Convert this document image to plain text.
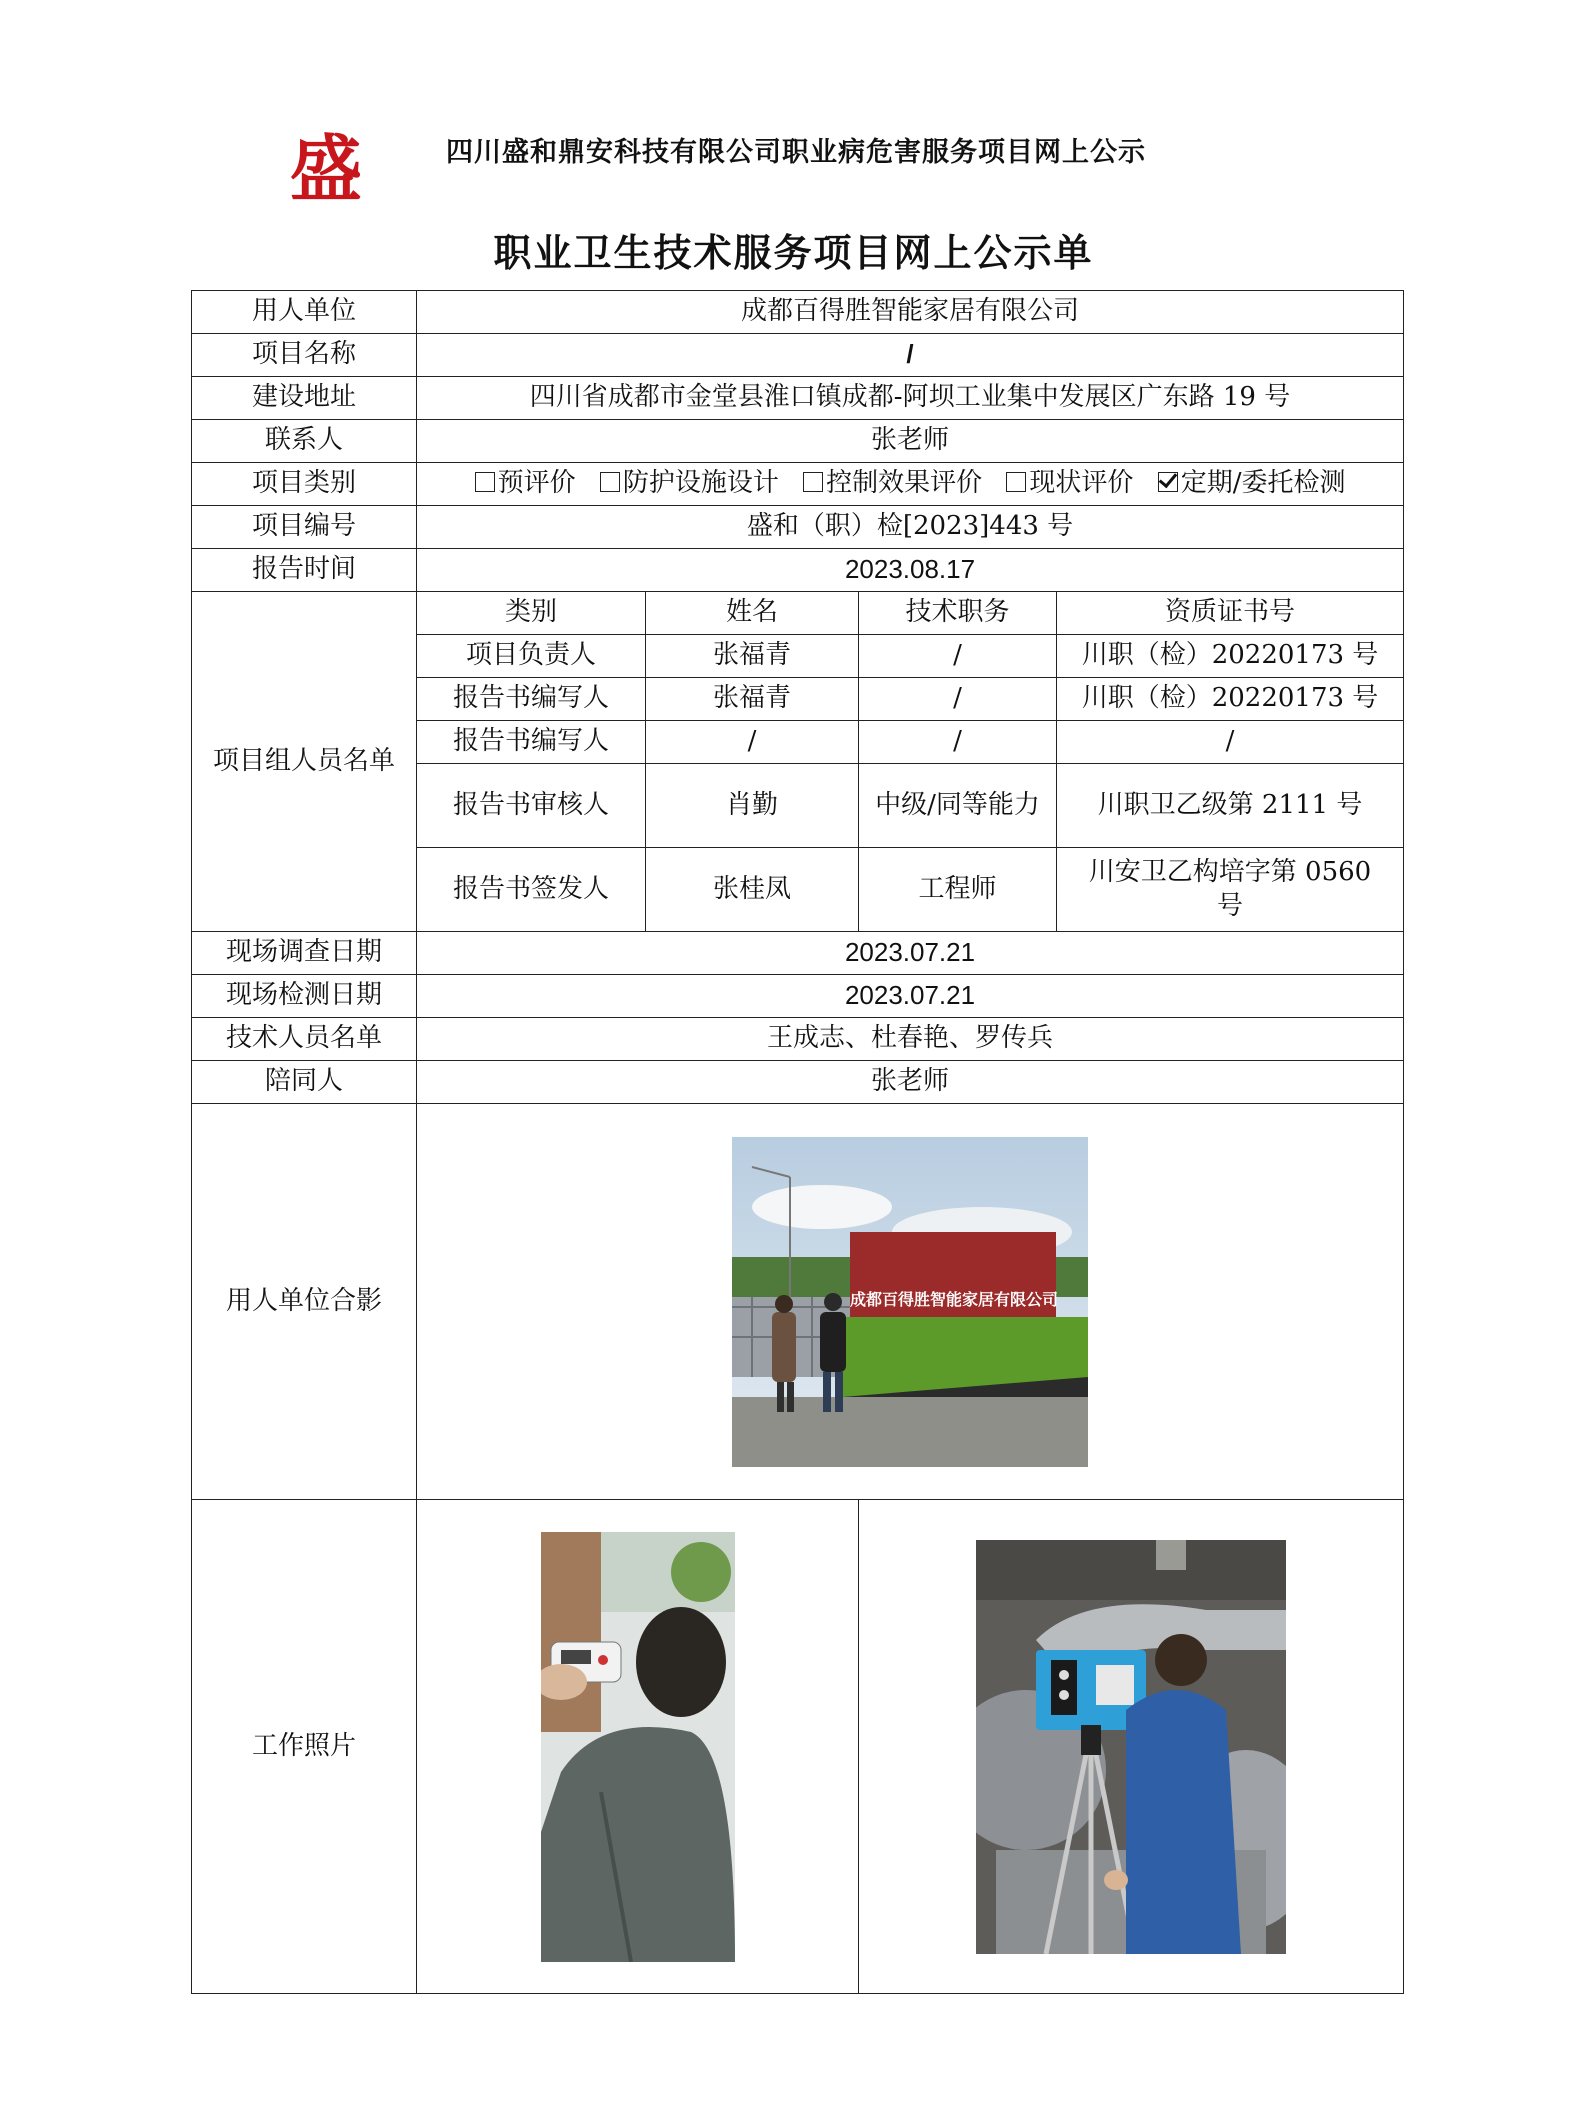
盛	四川盛和鼎安科技有限公司职业病危害服务项目网上公示
职业卫生技术服务项目网上公示单
用人单位	成都百得胜智能家居有限公司			
项目名称	/			
建设地址	四川省成都市金堂县淮口镇成都-阿坝工业集中发展区广东路 19 号			
联系人	张老师			
项目类别	预评价 防护设施设计 控制效果评价 现状评价 定期/委托检测			
项目编号	盛和（职）检[2023]443 号			
报告时间	2023.08.17			
项目组人员名单	类别	姓名	技术职务	资质证书号
	项目负责人	张福青	/	川职（检）20220173 号
	报告书编写人	张福青	/	川职（检）20220173 号
	报告书编写人	/	/	/
	报告书审核人	肖勤	中级/同等能力	川职卫乙级第 2111 号
	报告书签发人	张桂凤	工程师	川安卫乙构培字第 0560 号
现场调查日期	2023.07.21			
现场检测日期	2023.07.21			
技术人员名单	王成志、杜春艳、罗传兵			
陪同人	张老师			
用人单位合影	成都百得胜智能家居有限公司			

工作照片	
